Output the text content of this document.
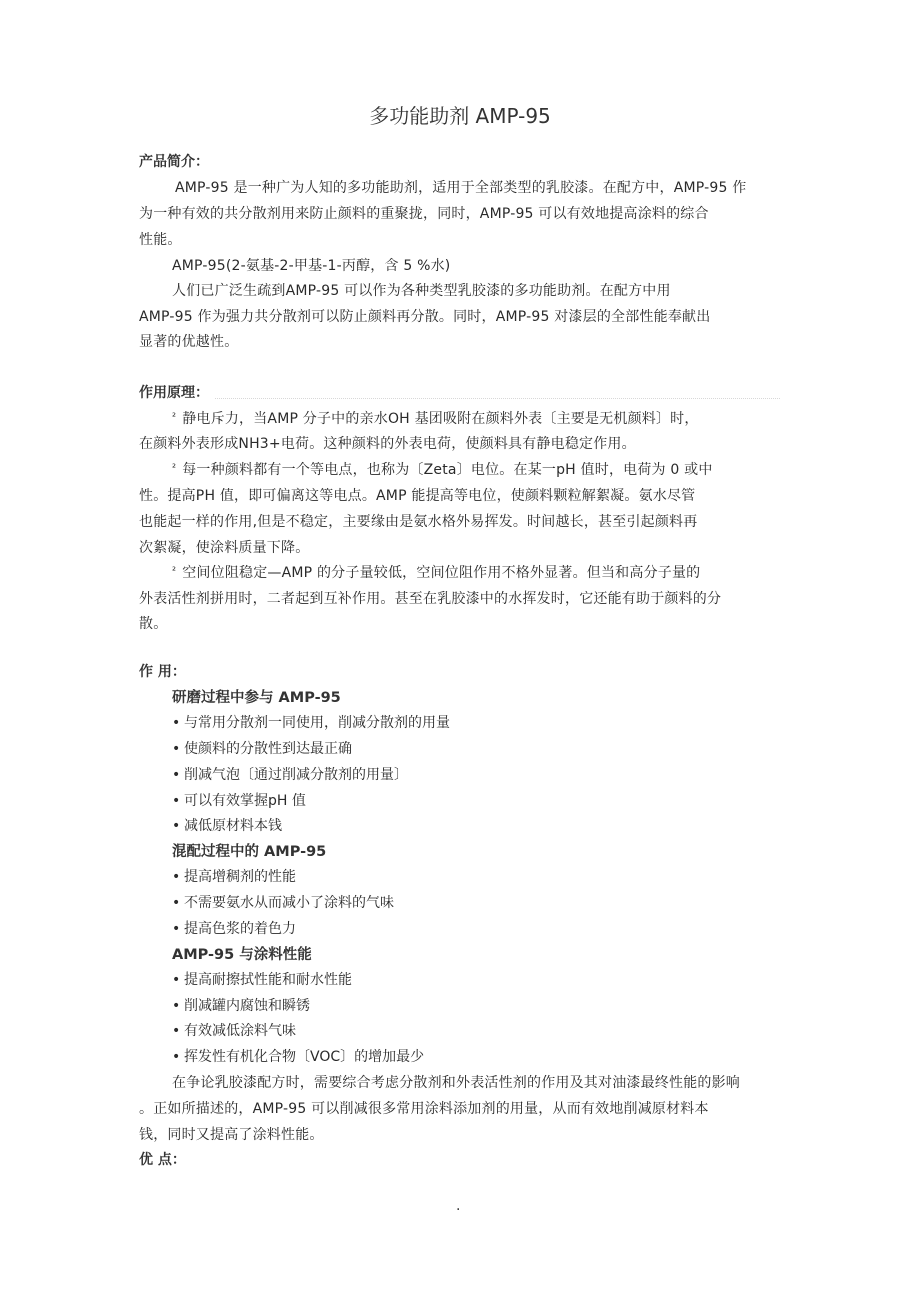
多功能助剂 AMP-95
产品简介：
AMP-95 是一种广为人知的多功能助剂，适用于全部类型的乳胶漆。在配方中，AMP-95 作
为一种有效的共分散剂用来防止颜料的重聚拢，同时，AMP-95 可以有效地提高涂料的综合
性能。
AMP-95(2-氨基-2-甲基-1-丙醇，含 5 %水)
人们已广泛生疏到AMP-95 可以作为各种类型乳胶漆的多功能助剂。在配方中用
AMP-95 作为强力共分散剂可以防止颜料再分散。同时，AMP-95 对漆层的全部性能奉献出
显著的优越性。
作用原理：
$^{^2}$ 静电斥力，当AMP 分子中的亲水OH 基团吸附在颜料外表〔主要是无机颜料〕时，
在颜料外表形成NH3+电荷。这种颜料的外表电荷，使颜料具有静电稳定作用。
$^{^2}$ 每一种颜料都有一个等电点，也称为〔Zeta〕电位。在某一pH 值时，电荷为 0 或中
性。提高PH 值，即可偏离这等电点。AMP 能提高等电位，使颜料颗粒解絮凝。氨水尽管
也能起一样的作用,但是不稳定，主要缘由是氨水格外易挥发。时间越长，甚至引起颜料再
次絮凝，使涂料质量下降。
$^{^2}$ 空间位阻稳定—AMP 的分子量较低，空间位阻作用不格外显著。但当和高分子量的
外表活性剂拼用时，二者起到互补作用。甚至在乳胶漆中的水挥发时，它还能有助于颜料的分
散。
作 用：
研磨过程中参与 AMP-95
• 与常用分散剂一同使用，削减分散剂的用量
• 使颜料的分散性到达最正确
• 削减气泡〔通过削减分散剂的用量〕
• 可以有效掌握pH 值
• 减低原材料本钱
混配过程中的 AMP-95
• 提高增稠剂的性能
• 不需要氨水从而减小了涂料的气味
• 提高色浆的着色力
AMP-95 与涂料性能
• 提高耐擦拭性能和耐水性能
• 削减罐内腐蚀和瞬锈
• 有效减低涂料气味
• 挥发性有机化合物〔VOC〕的增加最少
在争论乳胶漆配方时，需要综合考虑分散剂和外表活性剂的作用及其对油漆最终性能的影响
。正如所描述的，AMP-95 可以削减很多常用涂料添加剂的用量，从而有效地削减原材料本
钱，同时又提高了涂料性能。
优 点：
.
